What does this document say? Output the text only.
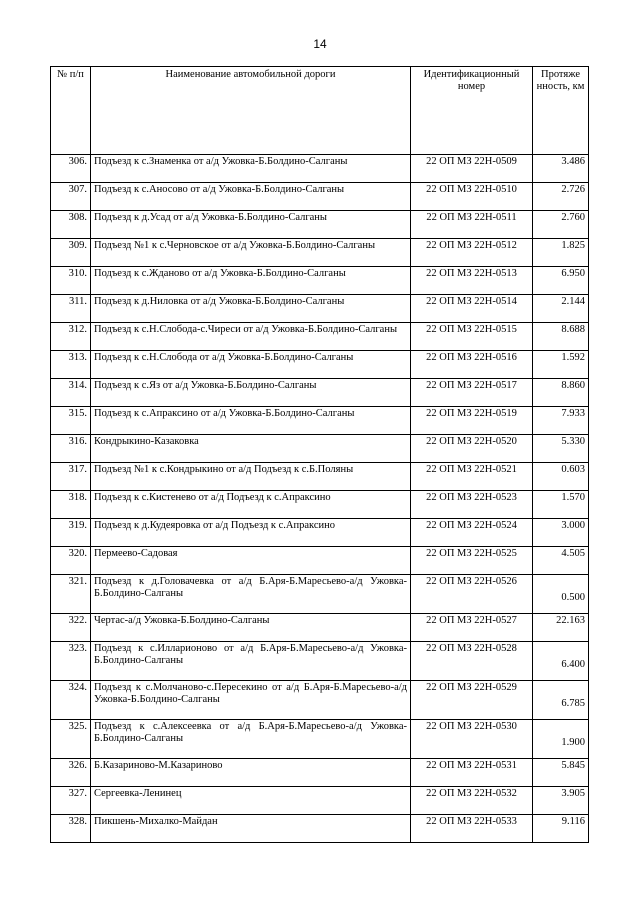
14
№ п/п	Наименование автомобильной дороги	Идентификационный номер	Протяже нность, км
306.	Подъезд к с.Знаменка от а/д Ужовка-Б.Болдино-Салганы	22 ОП МЗ 22Н-0509	3.486
307.	Подъезд к с.Аносово от а/д Ужовка-Б.Болдино-Салганы	22 ОП МЗ 22Н-0510	2.726
308.	Подъезд к д.Усад от а/д Ужовка-Б.Болдино-Салганы	22 ОП МЗ 22Н-0511	2.760
309.	Подъезд №1 к с.Черновское от а/д Ужовка-Б.Болдино-Салганы	22 ОП МЗ 22Н-0512	1.825
310.	Подъезд к с.Жданово от а/д Ужовка-Б.Болдино-Салганы	22 ОП МЗ 22Н-0513	6.950
311.	Подъезд к д.Ниловка от а/д Ужовка-Б.Болдино-Салганы	22 ОП МЗ 22Н-0514	2.144
312.	Подъезд к с.Н.Слобода-с.Чиреси от а/д Ужовка-Б.Болдино-Салганы	22 ОП МЗ 22Н-0515	8.688
313.	Подъезд к с.Н.Слобода от а/д Ужовка-Б.Болдино-Салганы	22 ОП МЗ 22Н-0516	1.592
314.	Подъезд к с.Яз от а/д Ужовка-Б.Болдино-Салганы	22 ОП МЗ 22Н-0517	8.860
315.	Подъезд к с.Апраксино от а/д Ужовка-Б.Болдино-Салганы	22 ОП МЗ 22Н-0519	7.933
316.	Кондрыкино-Казаковка	22 ОП МЗ 22Н-0520	5.330
317.	Подъезд №1 к с.Кондрыкино от а/д Подъезд к с.Б.Поляны	22 ОП МЗ 22Н-0521	0.603
318.	Подъезд к с.Кистенево от а/д Подъезд к с.Апраксино	22 ОП МЗ 22Н-0523	1.570
319.	Подъезд к д.Кудеяровка от а/д Подъезд к с.Апраксино	22 ОП МЗ 22Н-0524	3.000
320.	Пермеево-Садовая	22 ОП МЗ 22Н-0525	4.505
321.	Подъезд к д.Головачевка от а/д Б.Аря-Б.Маресьево-а/д Ужовка-Б.Болдино-Салганы	22 ОП МЗ 22Н-0526	0.500
322.	Чертас-а/д Ужовка-Б.Болдино-Салганы	22 ОП МЗ 22Н-0527	22.163
323.	Подъезд к с.Илларионово от а/д Б.Аря-Б.Маресьево-а/д Ужовка-Б.Болдино-Салганы	22 ОП МЗ 22Н-0528	6.400
324.	Подъезд к с.Молчаново-с.Пересекино от а/д Б.Аря-Б.Маресьево-а/д Ужовка-Б.Болдино-Салганы	22 ОП МЗ 22Н-0529	6.785
325.	Подъезд к с.Алексеевка от а/д Б.Аря-Б.Маресьево-а/д Ужовка-Б.Болдино-Салганы	22 ОП МЗ 22Н-0530	1.900
326.	Б.Казариново-М.Казариново	22 ОП МЗ 22Н-0531	5.845
327.	Сергеевка-Ленинец	22 ОП МЗ 22Н-0532	3.905
328.	Пикшень-Михалко-Майдан	22 ОП МЗ 22Н-0533	9.116
